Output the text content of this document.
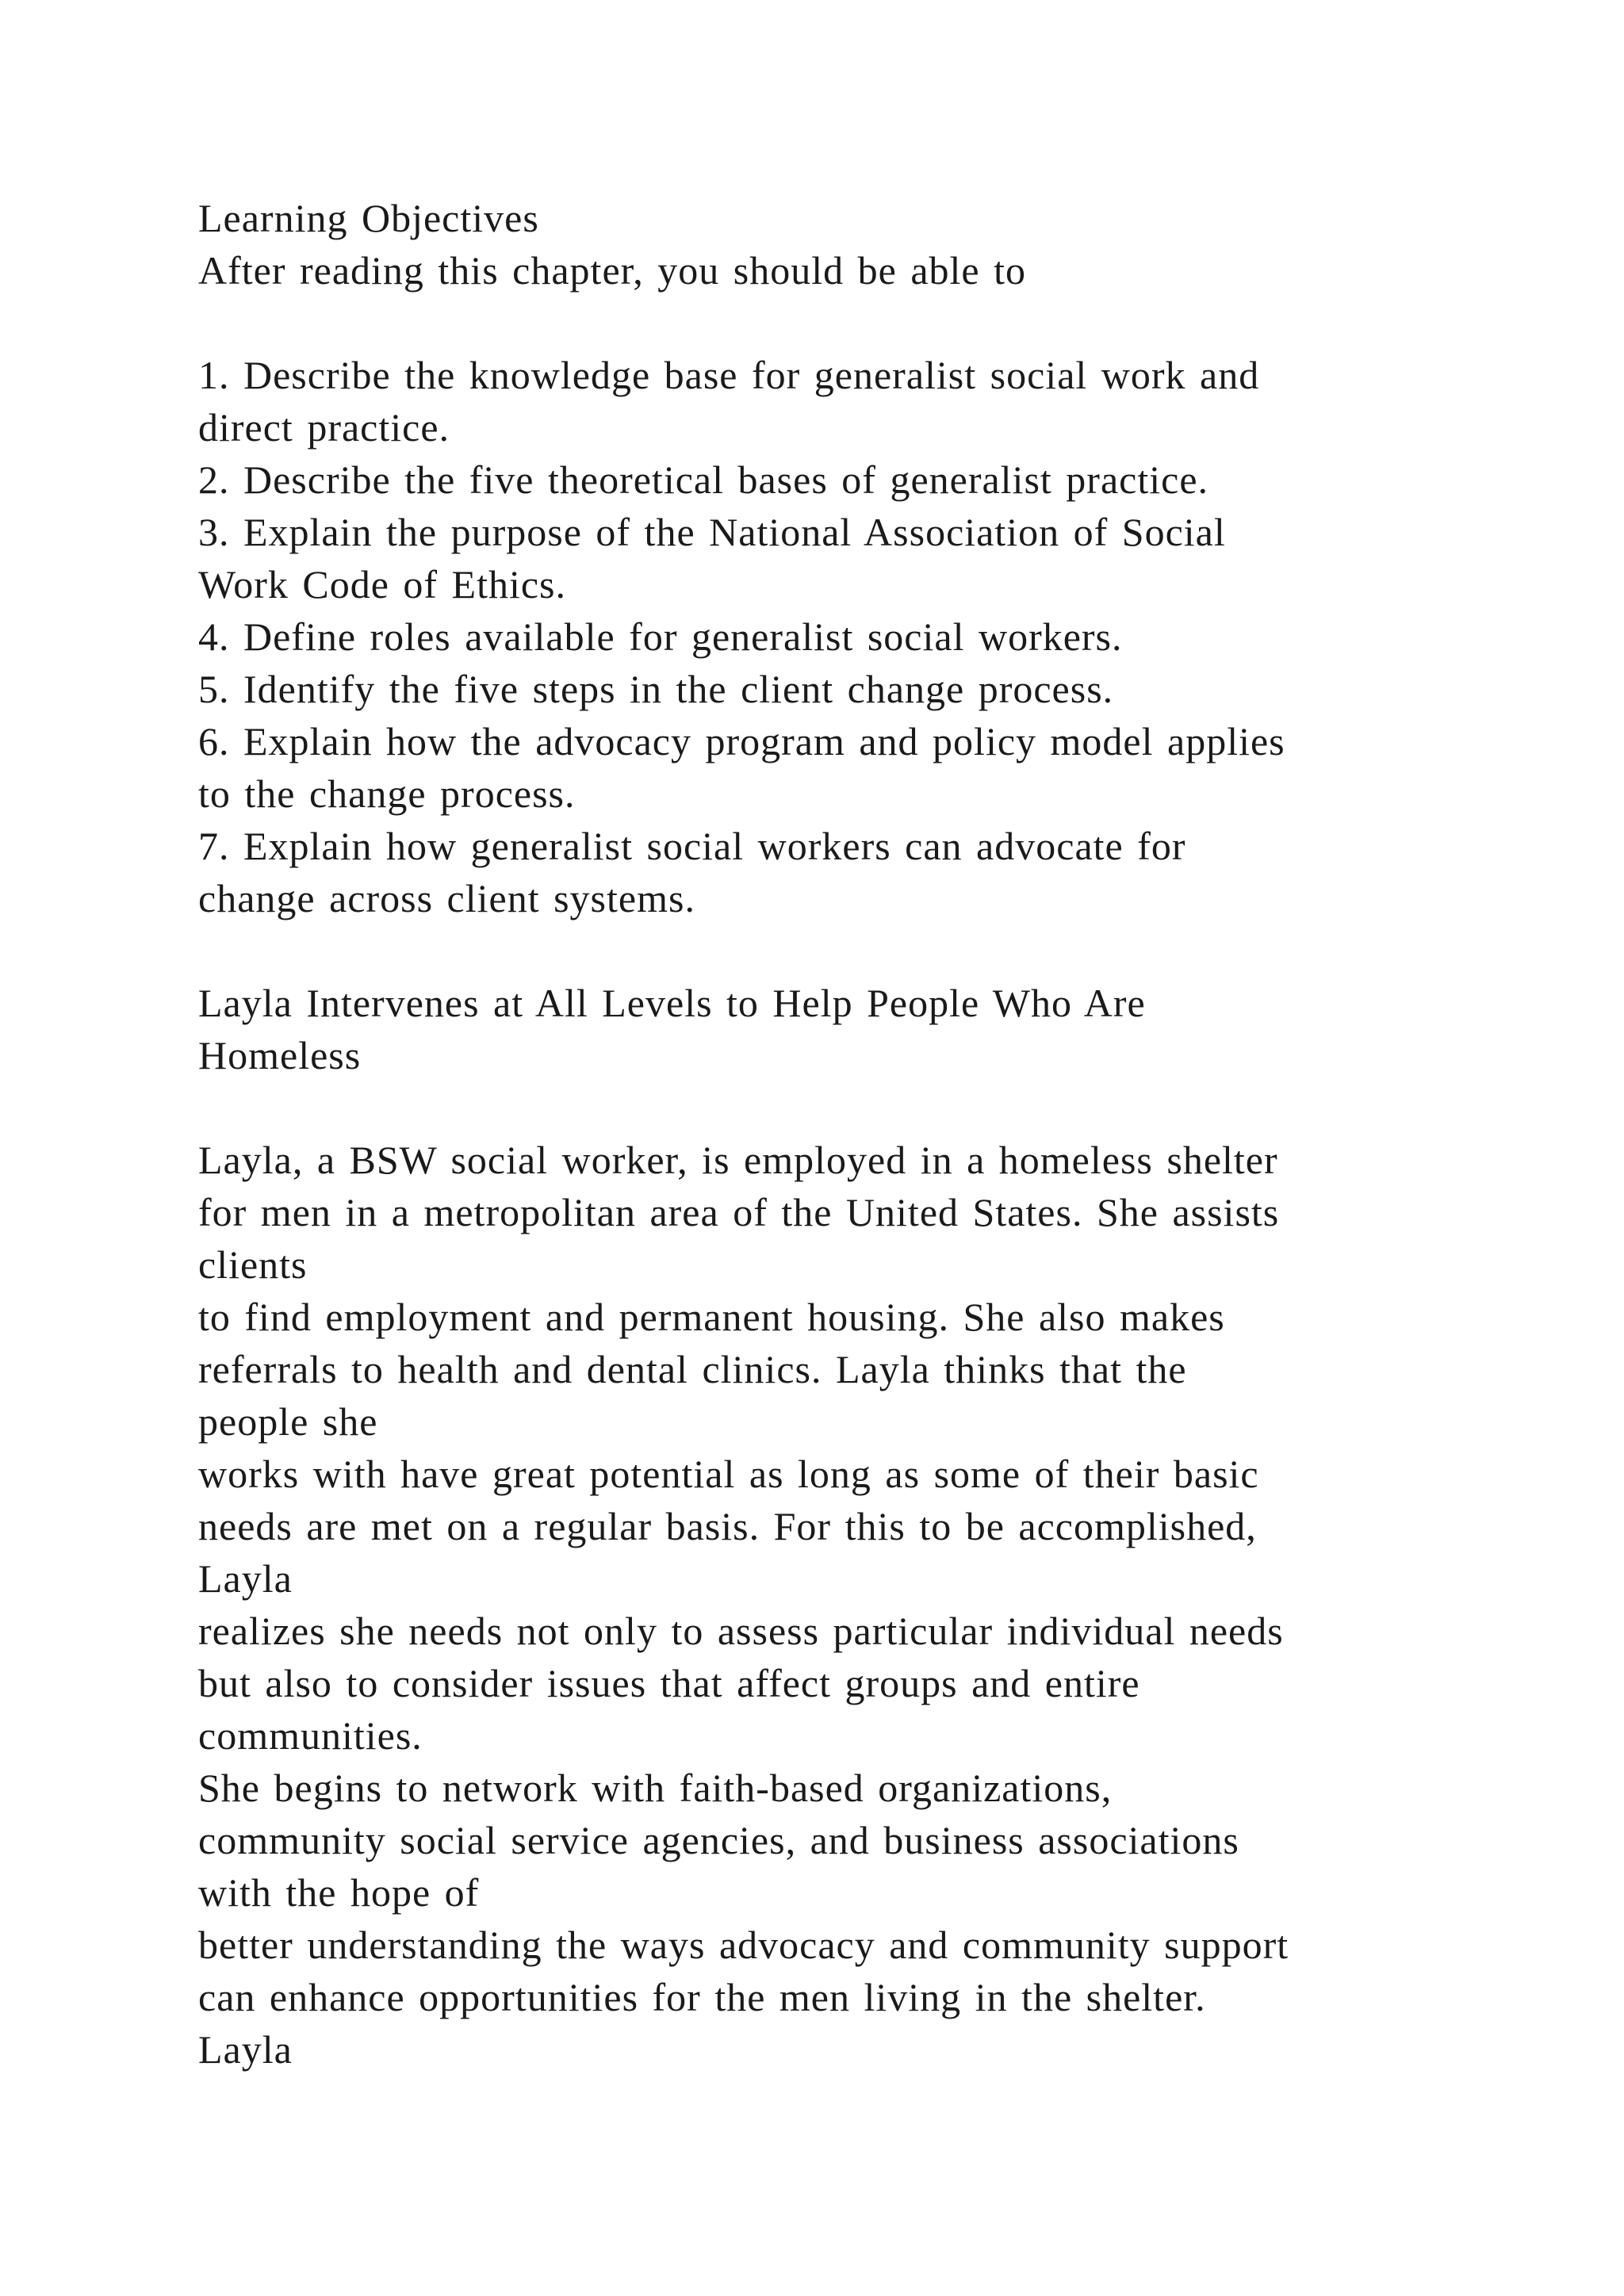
Learning Objectives
After reading this chapter, you should be able to
1. Describe the knowledge base for generalist social work and
direct practice.
2. Describe the five theoretical bases of generalist practice.
3. Explain the purpose of the National Association of Social
Work Code of Ethics.
4. Define roles available for generalist social workers.
5. Identify the five steps in the client change process.
6. Explain how the advocacy program and policy model applies
to the change process.
7. Explain how generalist social workers can advocate for
change across client systems.
Layla Intervenes at All Levels to Help People Who Are
Homeless
Layla, a BSW social worker, is employed in a homeless shelter
for men in a metropolitan area of the United States. She assists
clients
to find employment and permanent housing. She also makes
referrals to health and dental clinics. Layla thinks that the
people she
works with have great potential as long as some of their basic
needs are met on a regular basis. For this to be accomplished,
Layla
realizes she needs not only to assess particular individual needs
but also to consider issues that affect groups and entire
communities.
She begins to network with faith-based organizations,
community social service agencies, and business associations
with the hope of
better understanding the ways advocacy and community support
can enhance opportunities for the men living in the shelter.
Layla
